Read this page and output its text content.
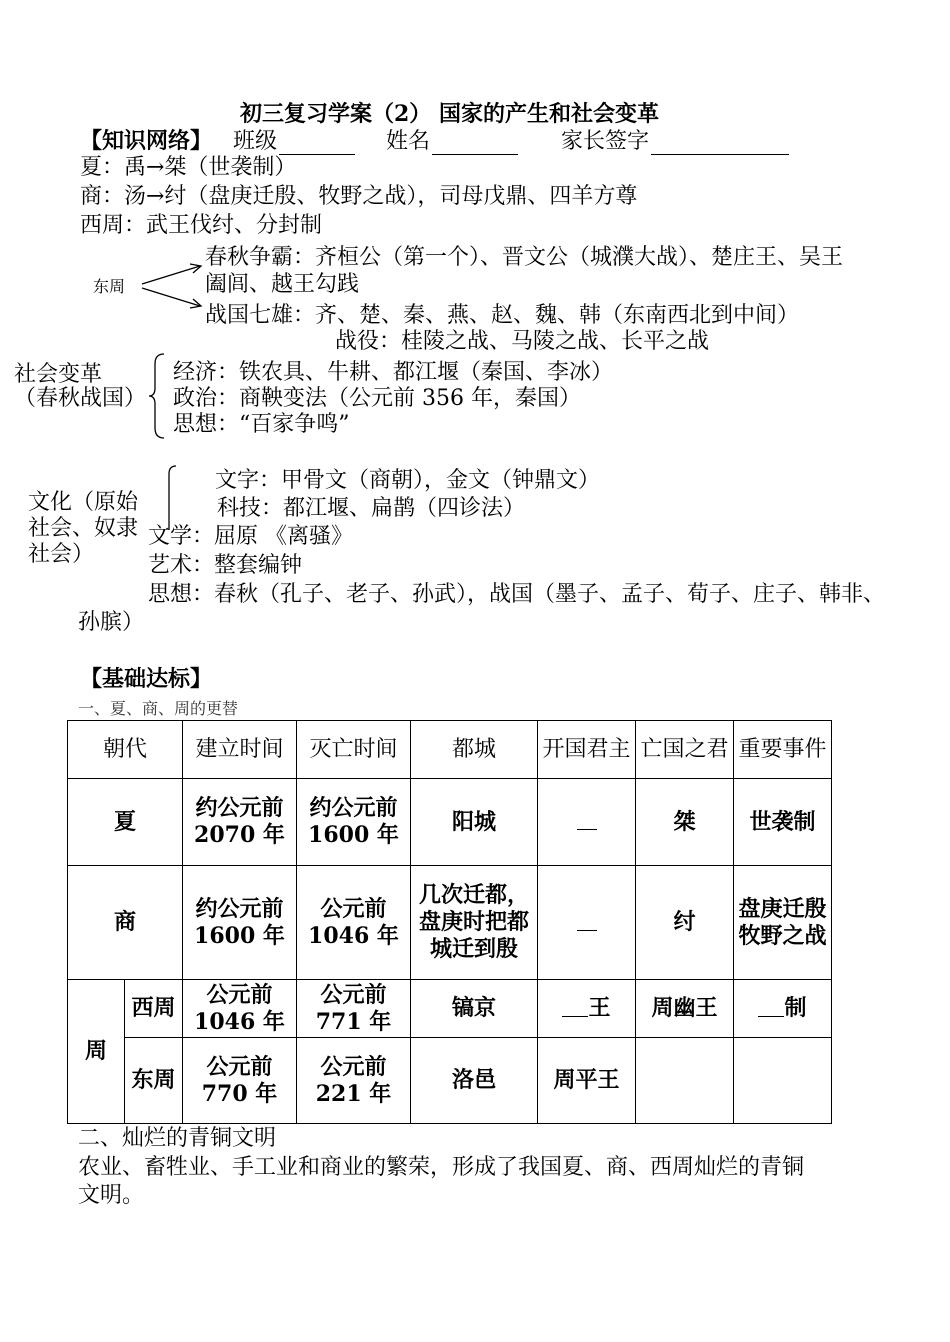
初三复习学案（2） 国家的产生和社会变革
【知识网络】 班级	姓名	家长签字
夏：禹→桀（世袭制）
商：汤→纣（盘庚迁殷、牧野之战），司母戊鼎、四羊方尊
西周：武王伐纣、分封制
东周
春秋争霸：齐桓公（第一个）、晋文公（城濮大战）、楚庄王、吴王
阖闾、越王勾践
战国七雄：齐、楚、秦、燕、赵、魏、韩（东南西北到中间）
战役：桂陵之战、马陵之战、长平之战
社会变革
（春秋战国）
经济：铁农具、牛耕、都江堰（秦国、李冰）
政治：商鞅变法（公元前 356 年，秦国）
思想：“百家争鸣”
文字：甲骨文（商朝），金文（钟鼎文）
科技：都江堰、扁鹊（四诊法）
文学：屈原 《离骚》
艺术：整套编钟
思想：春秋（孔子、老子、孙武），战国（墨子、孟子、荀子、庄子、韩非、
孙膑）
文化（原始
社会、奴隶
社会）
【基础达标】
一、夏、商、周的更替
朝代		建立时间	灭亡时间	都城	开国君主	亡国之君	重要事件
夏		约公元前 2070 年	约公元前 1600 年	阳城		桀	世袭制
商		约公元前 1600 年	公元前 1046 年	几次迁都，盘庚时把都城迁到殷		纣	盘庚迁殷 牧野之战
周	西周	公元前 1046 年	公元前 771 年	镐京	王	周幽王	制
	东周	公元前 770 年	公元前 221 年	洛邑	周平王		
二、灿烂的青铜文明
农业、畜牲业、手工业和商业的繁荣，形成了我国夏、商、西周灿烂的青铜
文明。
